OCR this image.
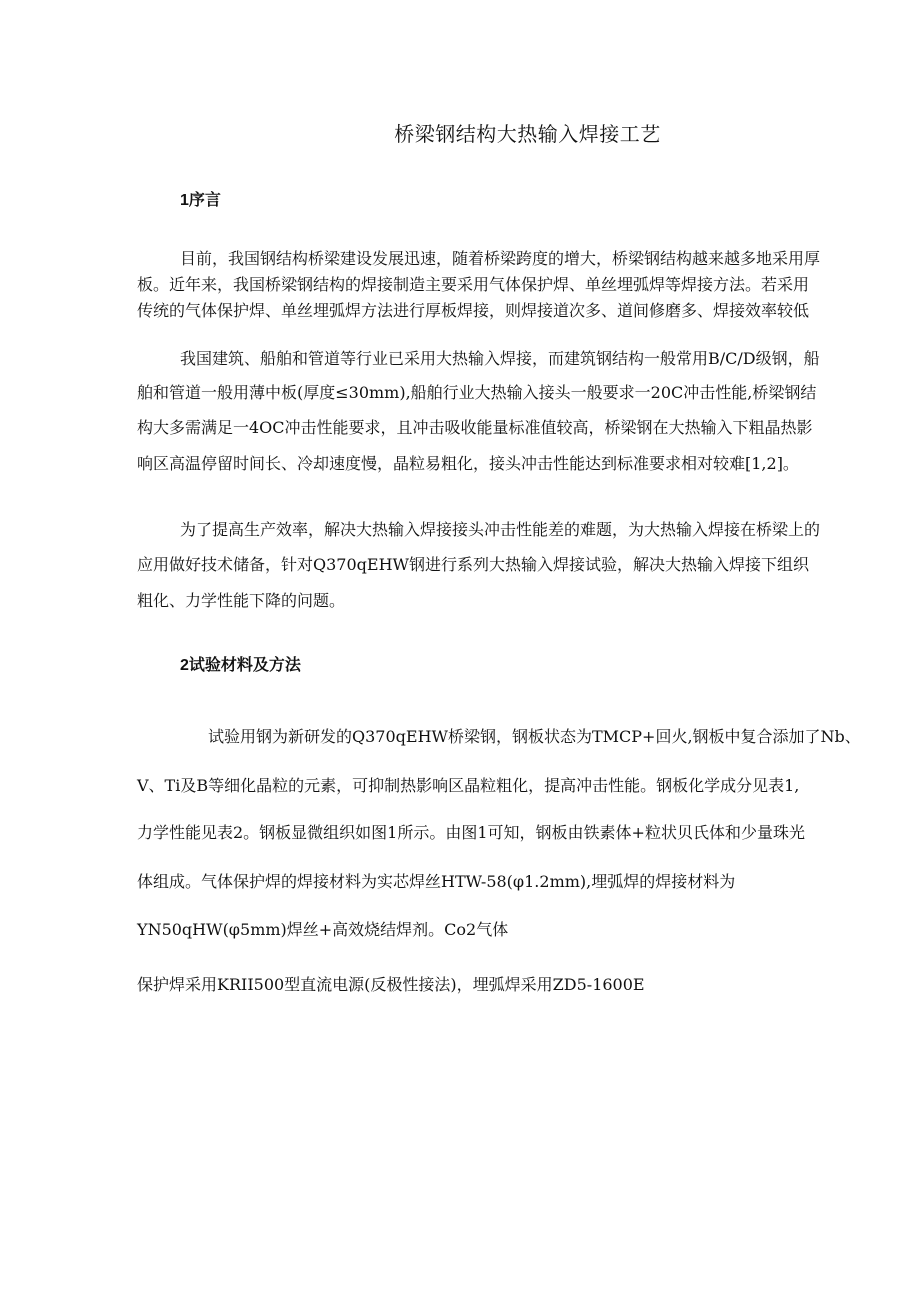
桥梁钢结构大热输入焊接工艺
1序言
目前，我国钢结构桥梁建设发展迅速，随着桥梁跨度的增大，桥梁钢结构越来越多地采用厚
板。近年来，我国桥梁钢结构的焊接制造主要采用气体保护焊、单丝埋弧焊等焊接方法。若采用
传统的气体保护焊、单丝埋弧焊方法进行厚板焊接，则焊接道次多、道间修磨多、焊接效率较低
我国建筑、船舶和管道等行业已采用大热输入焊接，而建筑钢结构一般常用B/C/D级钢，船
舶和管道一般用薄中板(厚度≤30mm),船舶行业大热输入接头一般要求一20C冲击性能,桥梁钢结
构大多需满足一4OC冲击性能要求，且冲击吸收能量标准值较高，桥梁钢在大热输入下粗晶热影
响区高温停留时间长、冷却速度慢，晶粒易粗化，接头冲击性能达到标准要求相对较难[1,2]。
为了提高生产效率，解决大热输入焊接接头冲击性能差的难题，为大热输入焊接在桥梁上的
应用做好技术储备，针对Q370qEHW钢进行系列大热输入焊接试验，解决大热输入焊接下组织
粗化、力学性能下降的问题。
2试验材料及方法
试验用钢为新研发的Q370qEHW桥梁钢，钢板状态为TMCP+回火,钢板中复合添加了Nb、
V、Ti及B等细化晶粒的元素，可抑制热影响区晶粒粗化，提高冲击性能。钢板化学成分见表1,
力学性能见表2。钢板显微组织如图1所示。由图1可知，钢板由铁素体+粒状贝氏体和少量珠光
体组成。气体保护焊的焊接材料为实芯焊丝HTW-58(φ1.2mm),埋弧焊的焊接材料为
YN50qHW(φ5mm)焊丝+高效烧结焊剂。Co2气体
保护焊采用KRII500型直流电源(反极性接法)，埋弧焊采用ZD5-1600E
